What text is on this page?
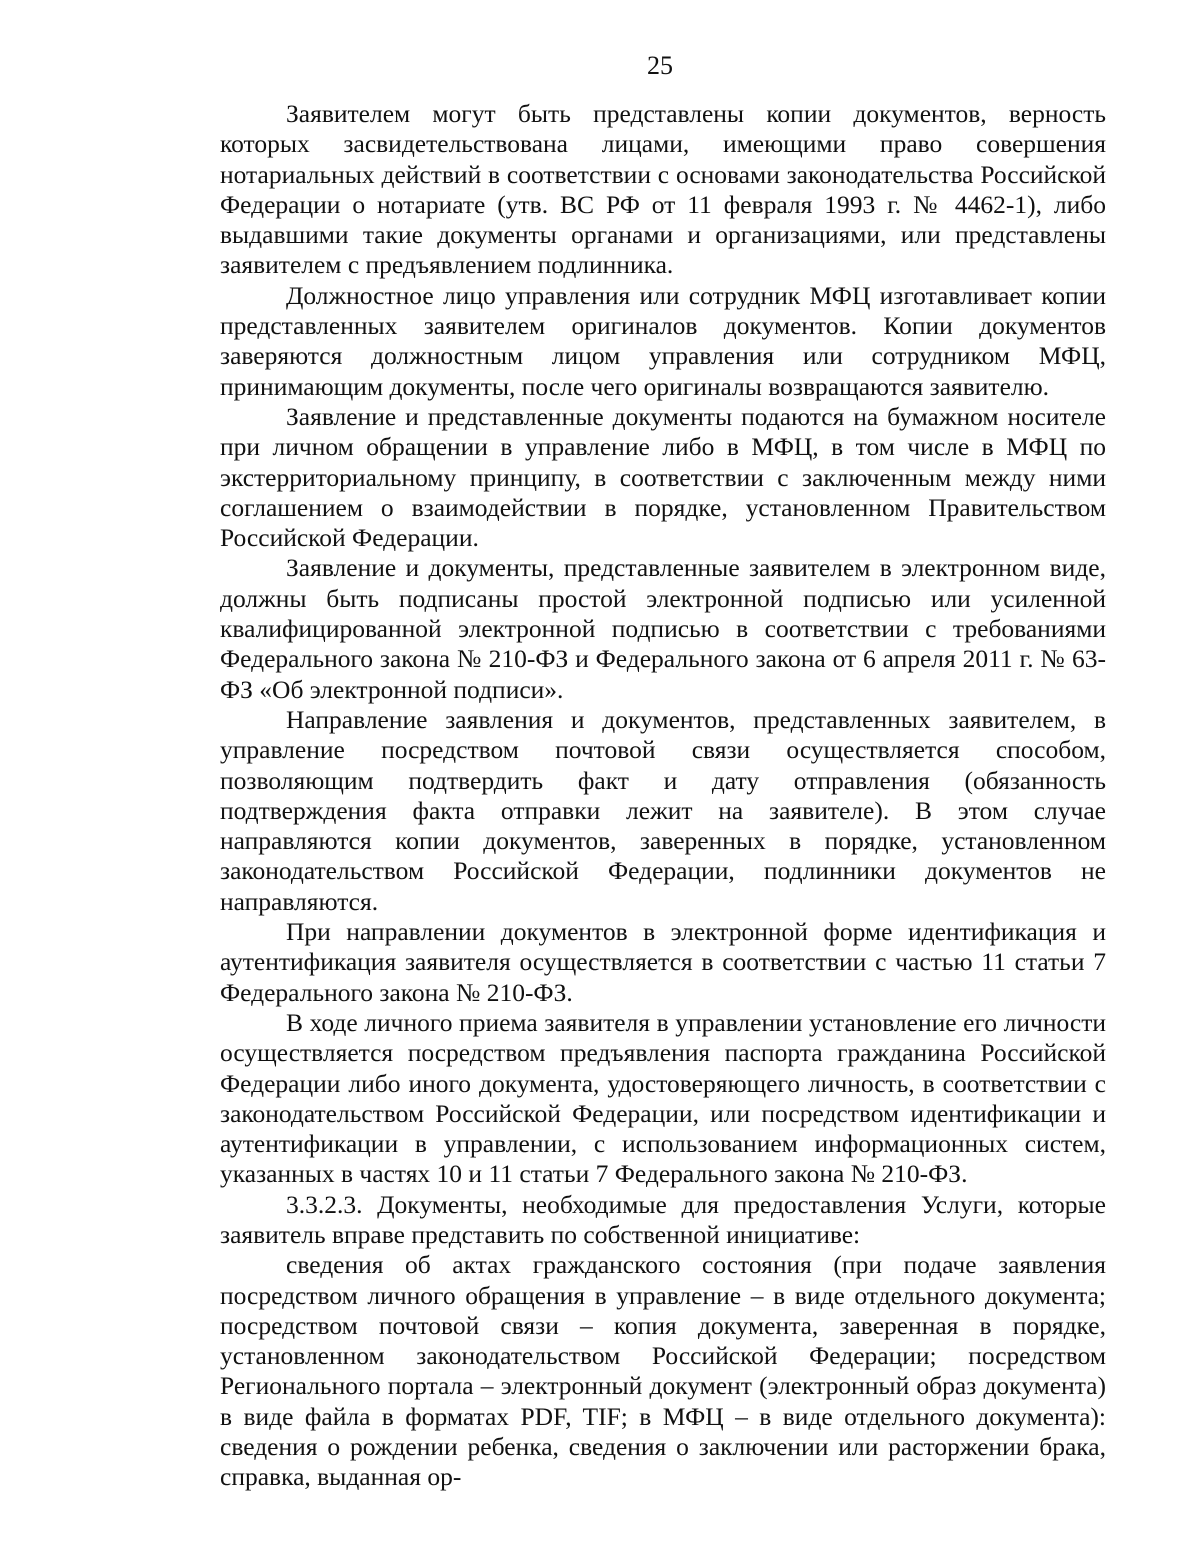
25

Заявителем могут быть представлены копии документов, верность которых засвидетельствована лицами, имеющими право совершения нотариальных действий в соответствии с основами законодательства Российской Федерации о нотариате (утв. ВС РФ от 11 февраля 1993 г. № 4462-1), либо выдавшими такие документы органами и организациями, или представлены заявителем с предъявлением подлинника.

Должностное лицо управления или сотрудник МФЦ изготавливает копии представленных заявителем оригиналов документов. Копии документов заверяются должностным лицом управления или сотрудником МФЦ, принимающим документы, после чего оригиналы возвращаются заявителю.

Заявление и представленные документы подаются на бумажном носителе при личном обращении в управление либо в МФЦ, в том числе в МФЦ по экстерриториальному принципу, в соответствии с заключенным между ними соглашением о взаимодействии в порядке, установленном Правительством Российской Федерации.

Заявление и документы, представленные заявителем в электронном виде, должны быть подписаны простой электронной подписью или усиленной квалифицированной электронной подписью в соответствии с требованиями Федерального закона № 210-ФЗ и Федерального закона от 6 апреля 2011 г. № 63-ФЗ «Об электронной подписи».

Направление заявления и документов, представленных заявителем, в управление посредством почтовой связи осуществляется способом, позволяющим подтвердить факт и дату отправления (обязанность подтверждения факта отправки лежит на заявителе). В этом случае направляются копии документов, заверенных в порядке, установленном законодательством Российской Федерации, подлинники документов не направляются.

При направлении документов в электронной форме идентификация и аутентификация заявителя осуществляется в соответствии с частью 11 статьи 7 Федерального закона № 210-ФЗ.

В ходе личного приема заявителя в управлении установление его личности осуществляется посредством предъявления паспорта гражданина Российской Федерации либо иного документа, удостоверяющего личность, в соответствии с законодательством Российской Федерации, или посредством идентификации и аутентификации в управлении, с использованием информационных систем, указанных в частях 10 и 11 статьи 7 Федерального закона № 210-ФЗ.

3.3.2.3. Документы, необходимые для предоставления Услуги, которые заявитель вправе представить по собственной инициативе:

сведения об актах гражданского состояния (при подаче заявления посредством личного обращения в управление – в виде отдельного документа; посредством почтовой связи – копия документа, заверенная в порядке, установленном законодательством Российской Федерации; посредством Регионального портала – электронный документ (электронный образ документа) в виде файла в форматах PDF, TIF; в МФЦ – в виде отдельного документа): сведения о рождении ребенка, сведения о заключении или расторжении брака, справка, выданная ор-
